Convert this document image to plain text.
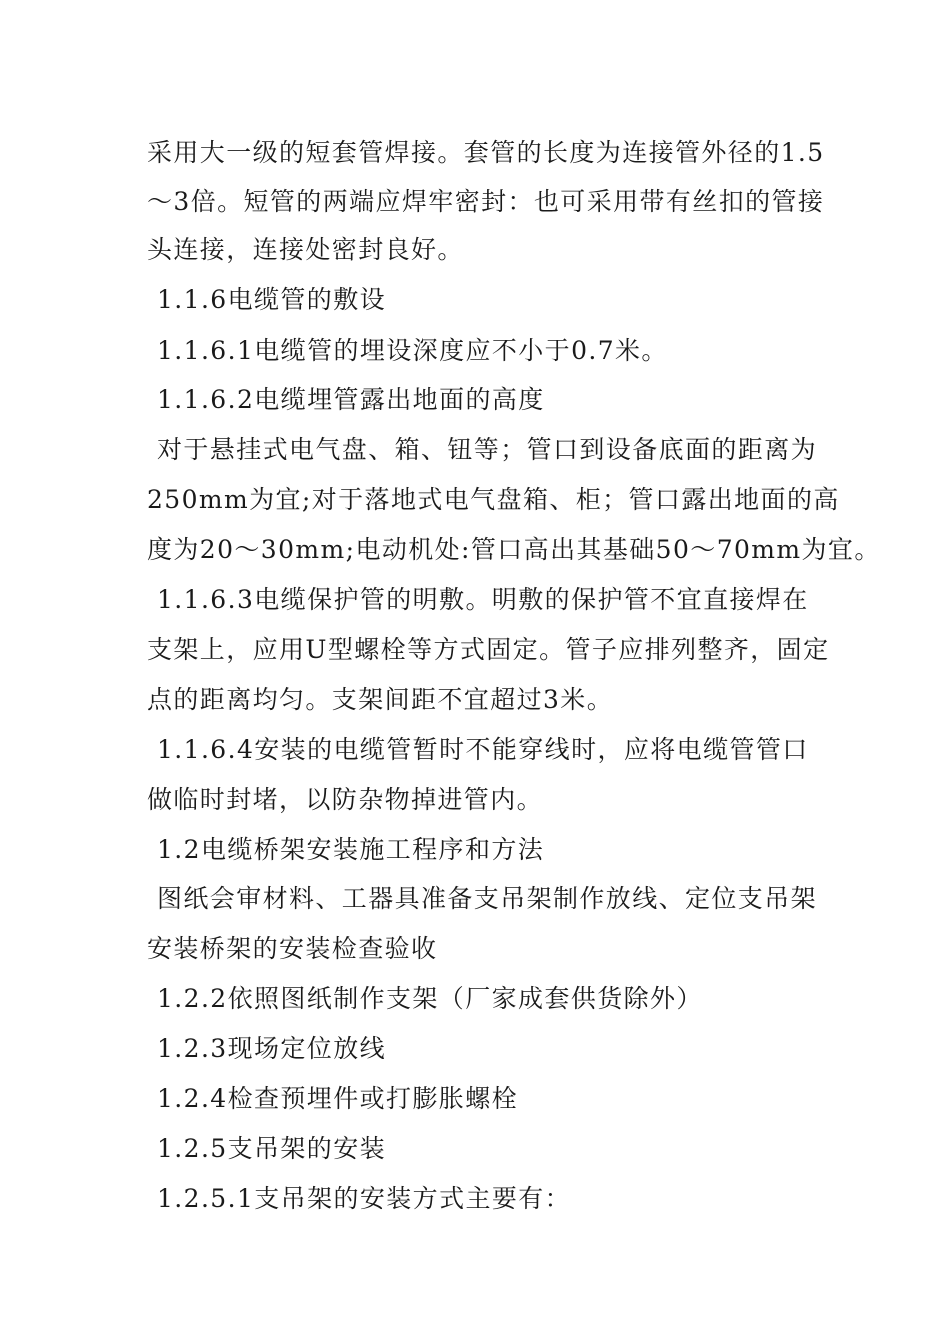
采用大一级的短套管焊接。套管的长度为连接管外径的1.5
～3倍。短管的两端应焊牢密封：也可采用带有丝扣的管接
头连接，连接处密封良好。
1.1.6电缆管的敷设
1.1.6.1电缆管的埋设深度应不小于0.7米。
1.1.6.2电缆埋管露出地面的高度
对于悬挂式电气盘、箱、钮等；管口到设备底面的距离为
250mm为宜;对于落地式电气盘箱、柜；管口露出地面的高
度为20～30mm;电动机处:管口高出其基础50～70mm为宜。
1.1.6.3电缆保护管的明敷。明敷的保护管不宜直接焊在
支架上，应用U型螺栓等方式固定。管子应排列整齐，固定
点的距离均匀。支架间距不宜超过3米。
1.1.6.4安装的电缆管暂时不能穿线时，应将电缆管管口
做临时封堵，以防杂物掉进管内。
1.2电缆桥架安装施工程序和方法
图纸会审材料、工器具准备支吊架制作放线、定位支吊架
安装桥架的安装检查验收
1.2.2依照图纸制作支架（厂家成套供货除外）
1.2.3现场定位放线
1.2.4检查预埋件或打膨胀螺栓
1.2.5支吊架的安装
1.2.5.1支吊架的安装方式主要有：
